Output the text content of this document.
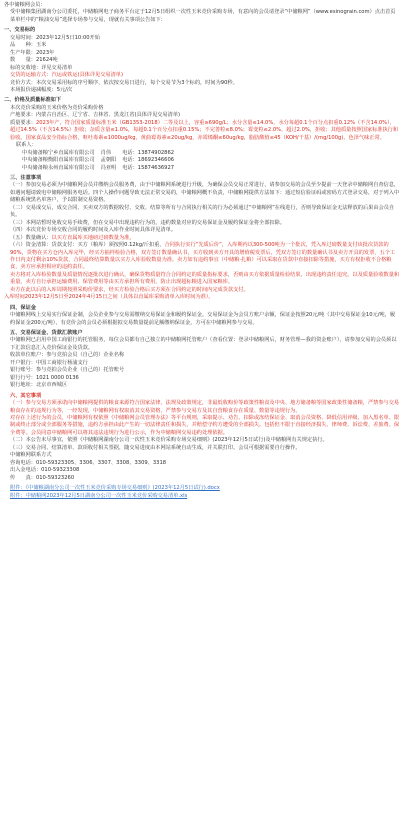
各中储粮网会员：

受中储粮集团湖南分公司委托，中储粮网电子商务平台定于12月5日组织一次性玉米竞价采购专场，有意向的会员请登录“中储粮网”（www.esinograin.com）点击首页菜单栏中的“粮油交易”选择专场参与交易，现就有关事项公告如下：

一、交易标的

交易时间：2023年12月5日10:00开始

品　　种：玉米

生产年限：2023年

数　　量：21624吨

标的交收地：详见交易清单

交货的运输方式：汽运或铁运(具体详见交易清单)

竞价方式：本次交易采用标的序号顺序，依次按交易日进行，每个交易节为3个标的，时间为90秒。

本场报价递减幅度：5元/次

二、价格及质量标准如下

本次竞价采购的玉米价格为竞价采购价格

产地要求：内蒙古自治区、辽宁省、吉林省、黑龙江省(具体详见交易清单)

质量要求：2023年产，符合国家质量标准玉米（GB1353-2018）二等及以上，容重≥690g/L；水分含量≤14.0%，水分每超0.1个百分点扣重0.12%（不含14.0%），超过14.5%（不含14.5%）拒收；杂质含量≤1.0%，每超0.1个百分点扣重0.15%；不完善粒≤8.0%；霉变粒≤2.0%，超过2.0%，拒收；其他质量按照国家标准执行和验收。国家食品安全指标合格，呕吐毒素≤1000ug/kg，黄曲霉毒素≤20ug/kg，赤霉烯酮≤60ug/kg，脂肪酸值≤45（KOH/干基）/(mg/100g)，色泽气味正常。

联系人：

中央储备粮宁乡直属库有限公司	肖伟	电话：13874902862
中央储备粮衡阳直属库有限公司	孟朝阳	电话：18692346606
中央储备粮永州直属库有限公司	冯亚明	电话：15874636927

三、注意事项

（一）参加交易必须为中储粮网会员并缴纳会员服务费，由于中储粮网系统进行升级，为确保会员交易正常进行，请参加交易的会员至少提前一天登录中储粮网自查信息，如遇问题请致电中储粮网服务电话。四个人操作问题导致无法正常交易的，中储粮网概不负责，中储粮网提供方法如下：通过短信验证码或密码方式登录交易，对于列入中储粮系统黑名单客户，予以限制交易资格。

（二）交易成交后，成交合同、买卖双方的数据收付、交收、结算等所有与合同执行相关的行为必须通过“中储粮网”在线进行，否则导致保证金无法释放的后果由会员自负。

（三）本网站暂时免收交易手续费，但在交易中出现违约行为的，违约数量对应的交易保证金及履约保证金将全部扣除。

（四）本次竞价专场交收合同的履约时间及入库作业时间具体详见清单。

（五）数量确认：以买方直属库买地磅过磅数量为准。

（六）资金清算：货款支付：买方（粮库）须按照0.12kg/斤扣重，合同执行实行“先质后价”，入库期内以300-500吨为一个批次，凭入库过磅数量支付该批次货款的90%，货物在买方仓内入库完毕，经买方抽样检验合格，双方签订数量确认书，买方收到卖方开具的增值税发票后，凭双方签订的数量确认书及卖方开具的发票，五个工作日内支付剩余10%货款，合同最终结算数量以买方入库验收数量为准。卖方如有违约事宜（中储粮·扎粮）可以采取在货款中直接扣除等措施，买方有权拒收不合格粮食，卖方应承担相应的违约责任。

卖方将对入库检验数量及质量情况逐批次进行确认，确保货物质量符合合同约定的质量指标要求，否则由买方依据质量检验结果，出现违约责任追究。以及质量验收数量和重量，卖方自行承担运输费用、保管费用等由买方承担所有费用，防止出现超标粮进入国家粮库。

卖方在此以后的入库周期按照采购价要求，经买方检验合格后买方须在合同约定的时间内完成货款支付。

入库时间2023年12月5日至2024年4月15日之间（具体以直属库采购清单入库时间为准）。

四、保证金

中储粮网线上交易实行保证金制，会员企业参与交易需缴纳交易保证金和履约保证金。交易保证金为会员方账户余额，保证金按照20元/吨（其中交易保证金10元/吨，履约保证金200元/吨），有竞价会的会员必须根据拟交易数量提前足额缴纳保证金，方可在中储粮网参与交易。

五、交易保证金、货款汇款账户

中储粮网已启用中国工商银行的托管服务，每位会员都有自己独立的中储粮网托管账户（查看位置：登录中储粮网后，财务管理—我的资金账户），请参加交易的会员须以下汇款信息汇入竞价保证金及货款。

收款单位账户：参与竞拍会员（自己的）企业名称

开户银行：中国工商银行杨浦支行

银行账号：参与竞拍会员企业（自己的）托管账号

银行行号：1021 0000 0136

银行地址：北京市西城区

六、其它事项

（一）参与交易方须承诺向中储粮网提供的粮食来源符合国家法律、法规及政策规定，非最低收购价等政策性粮食及中央、地方储备粮等国家政策性储备粮，严禁参与交易粮食存在的违规行为等，一经发现，中储粮网有权取消其交易资格，严禁参与交易方及其自营粮食存在质量、数量等违规行为。

对存在上述行为的会员，中储粮网有权依照《中储粮网会员管理办法》等平台规则，采取提示、劝告、扣除或冻结保证金、取消会员资格、降低信用评级、加入黑名单、限制或终止部分或全部服务等措施，违约方承担由此产生的一切法律责任和损失，并赔偿守约方遭受的全部损失。包括但不限于直接经济损失、律师费、诉讼费、差旅费、保全费等。会员同意中储粮网可以将其违法违规行为进行公示，作为中储粮网交易违约处理依据。

（二）本公告未尽事宜，依照《中储粮网湖南分公司一次性玉米竞价采购专场交易细则》(2023年12月5日试行)及中储粮网有关规定执行。

（三）交易合同、结算清单、款项收付相关票据，随交易进度由本网站系统自动生成，并关联打印。会员可根据需要自行操作。

中储粮网联系方式

咨询电话：010-59323305、3306、3307、3308、3309、3318

出入金电话：010-59323308

传　　真：010-59323260

附件：《中储粮湖南分公司一次性玉米竞价采购专场交易细则》(2023年12月5日试行).docx

附件：中储粮网2023年12月5日湖南分公司一次性玉米竞价采购交易清单.xls
